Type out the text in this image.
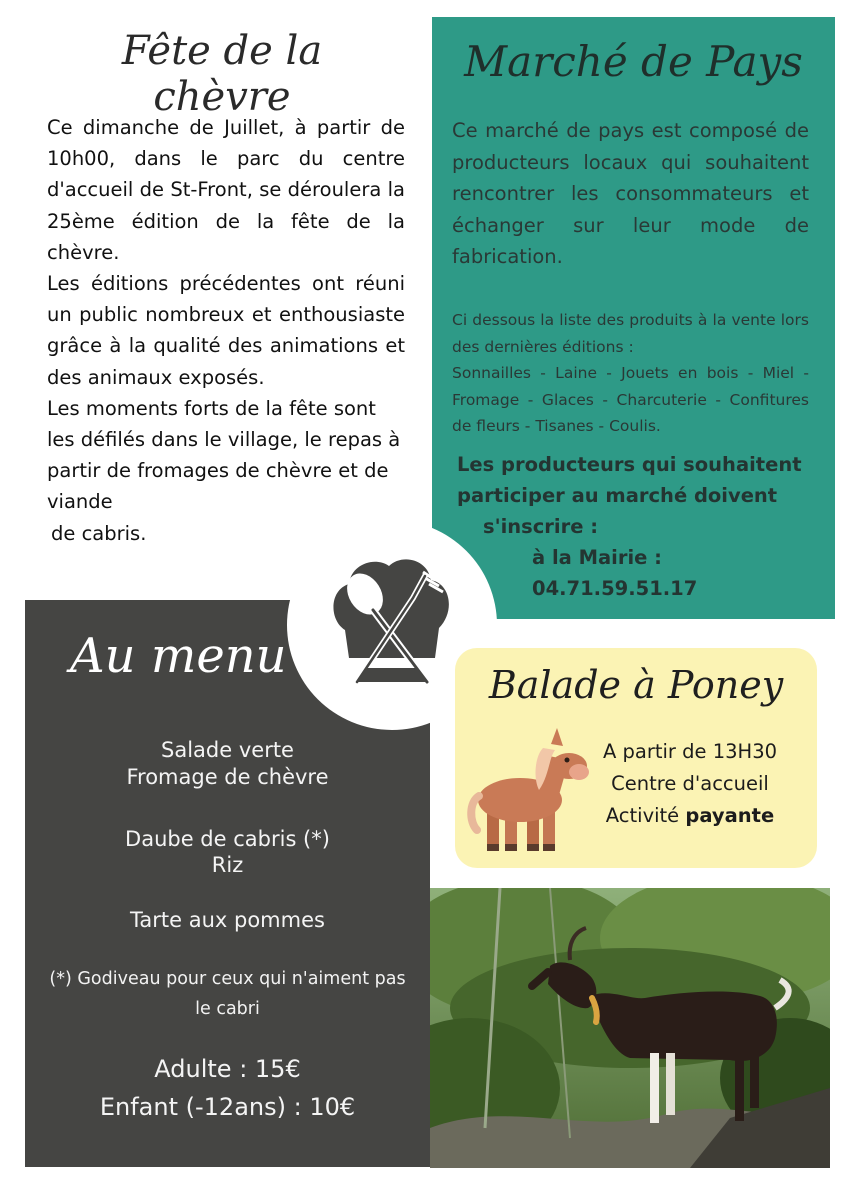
Fête de la chèvre

Ce dimanche de Juillet, à partir de 10h00, dans le parc du centre d'accueil de St-Front, se déroulera la 25ème édition de la fête de la chèvre.

Les éditions précédentes ont réuni un public nombreux et enthousiaste grâce à la qualité des animations et des animaux exposés.

Les moments forts de la fête sont les défilés dans le village, le repas à partir de fromages de chèvre et de viande

de cabris.

Marché de Pays

Ce marché de pays est composé de producteurs locaux qui souhaitent rencontrer les consommateurs et échanger sur leur mode de fabrication.

Ci dessous la liste des produits à la vente lors des dernières éditions :

Sonnailles - Laine - Jouets en bois - Miel - Fromage - Glaces - Charcuterie - Confitures de fleurs - Tisanes - Coulis.

Les producteurs qui souhaitent
participer au marché doivent
s'inscrire :
à la Mairie : 04.71.59.51.17

Au menu

Salade verte

Fromage de chèvre

Daube de cabris (*)

Riz

Tarte aux pommes

(*) Godiveau pour ceux qui n'aiment pas le cabri

Adulte : 15€

Enfant (-12ans) : 10€

Balade à Poney

A partir de 13H30

Centre d'accueil

Activité payante
